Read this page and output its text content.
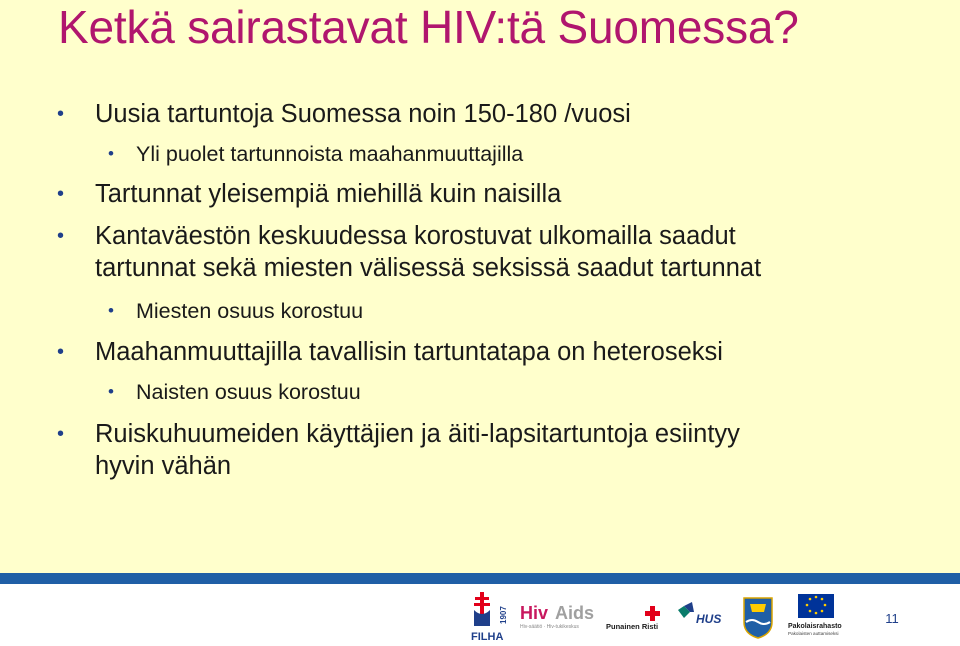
Ketkä sairastavat HIV:tä Suomessa?
• Uusia tartuntoja Suomessa noin 150-180 /vuosi
• Yli puolet tartunnoista maahanmuuttajilla
• Tartunnat yleisempiä miehillä kuin naisilla
• Kantaväestön keskuudessa korostuvat ulkomailla saadut
tartunnat sekä miesten välisessä seksissä saadut tartunnat
• Miesten osuus korostuu
• Maahanmuuttajilla tavallisin tartuntatapa on heteroseksi
• Naisten osuus korostuu
• Ruiskuhuumeiden käyttäjien ja äiti-lapsitartuntoja esiintyy
hyvin vähän
1907
FILHA
Hiv Aids
Hiv-säätiö · Hiv-tukikeskus	Punainen Risti
HUS
Pakolaisrahasto
Pakolaisten auttamiseksi
11
